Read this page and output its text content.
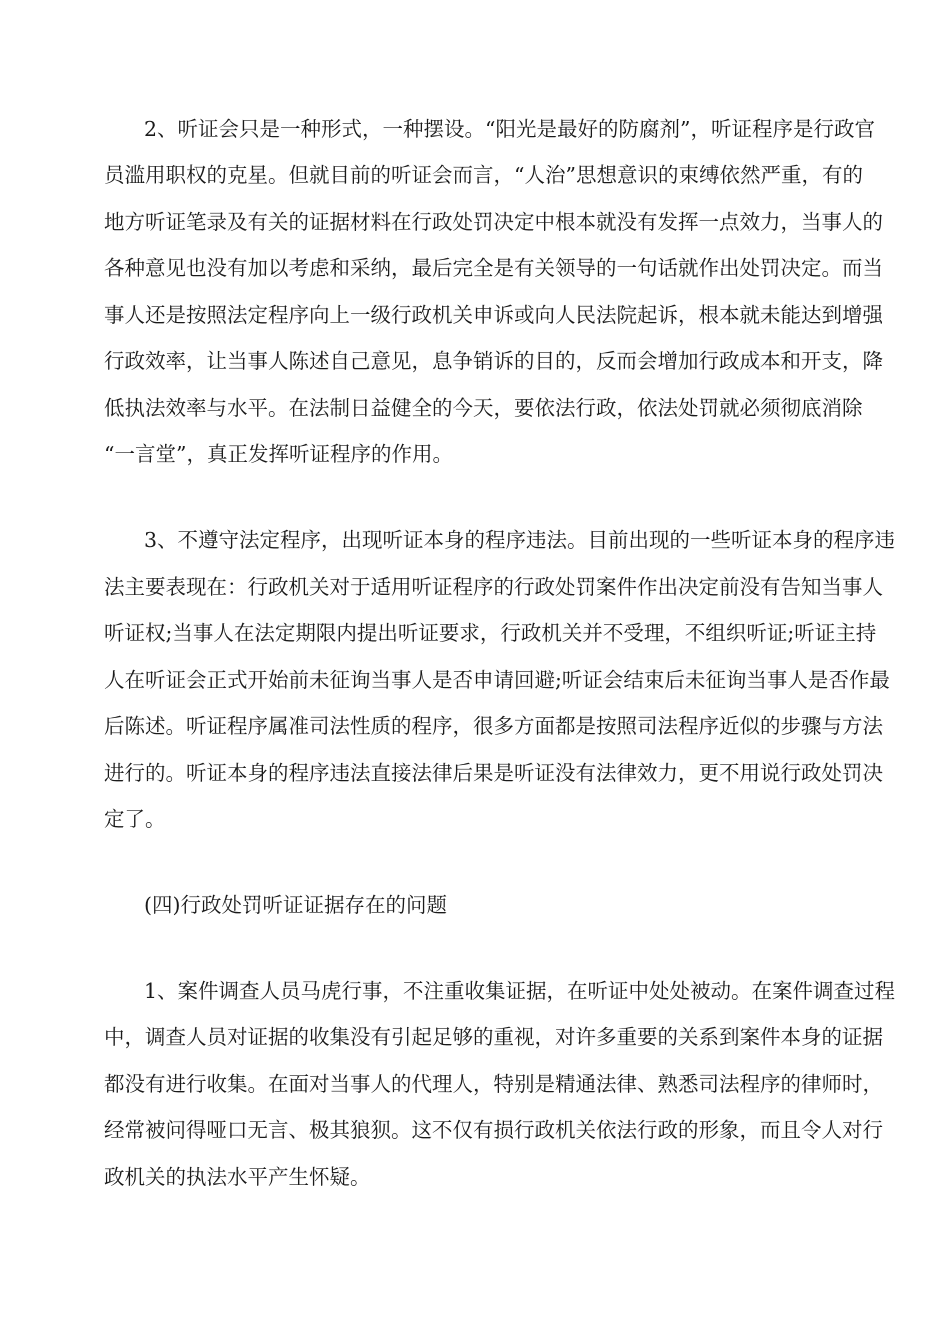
2、听证会只是一种形式，一种摆设。“阳光是最好的防腐剂”，听证程序是行政官
员滥用职权的克星。但就目前的听证会而言，“人治”思想意识的束缚依然严重，有的
地方听证笔录及有关的证据材料在行政处罚决定中根本就没有发挥一点效力，当事人的
各种意见也没有加以考虑和采纳，最后完全是有关领导的一句话就作出处罚决定。而当
事人还是按照法定程序向上一级行政机关申诉或向人民法院起诉，根本就未能达到增强
行政效率，让当事人陈述自己意见，息争销诉的目的，反而会增加行政成本和开支，降
低执法效率与水平。在法制日益健全的今天，要依法行政，依法处罚就必须彻底消除
“一言堂”，真正发挥听证程序的作用。
3、不遵守法定程序，出现听证本身的程序违法。目前出现的一些听证本身的程序违
法主要表现在：行政机关对于适用听证程序的行政处罚案件作出决定前没有告知当事人
听证权;当事人在法定期限内提出听证要求，行政机关并不受理，不组织听证;听证主持
人在听证会正式开始前未征询当事人是否申请回避;听证会结束后未征询当事人是否作最
后陈述。听证程序属准司法性质的程序，很多方面都是按照司法程序近似的步骤与方法
进行的。听证本身的程序违法直接法律后果是听证没有法律效力，更不用说行政处罚决
定了。
(四)行政处罚听证证据存在的问题
1、案件调查人员马虎行事，不注重收集证据，在听证中处处被动。在案件调查过程
中，调查人员对证据的收集没有引起足够的重视，对许多重要的关系到案件本身的证据
都没有进行收集。在面对当事人的代理人，特别是精通法律、熟悉司法程序的律师时，
经常被问得哑口无言、极其狼狈。这不仅有损行政机关依法行政的形象，而且令人对行
政机关的执法水平产生怀疑。
